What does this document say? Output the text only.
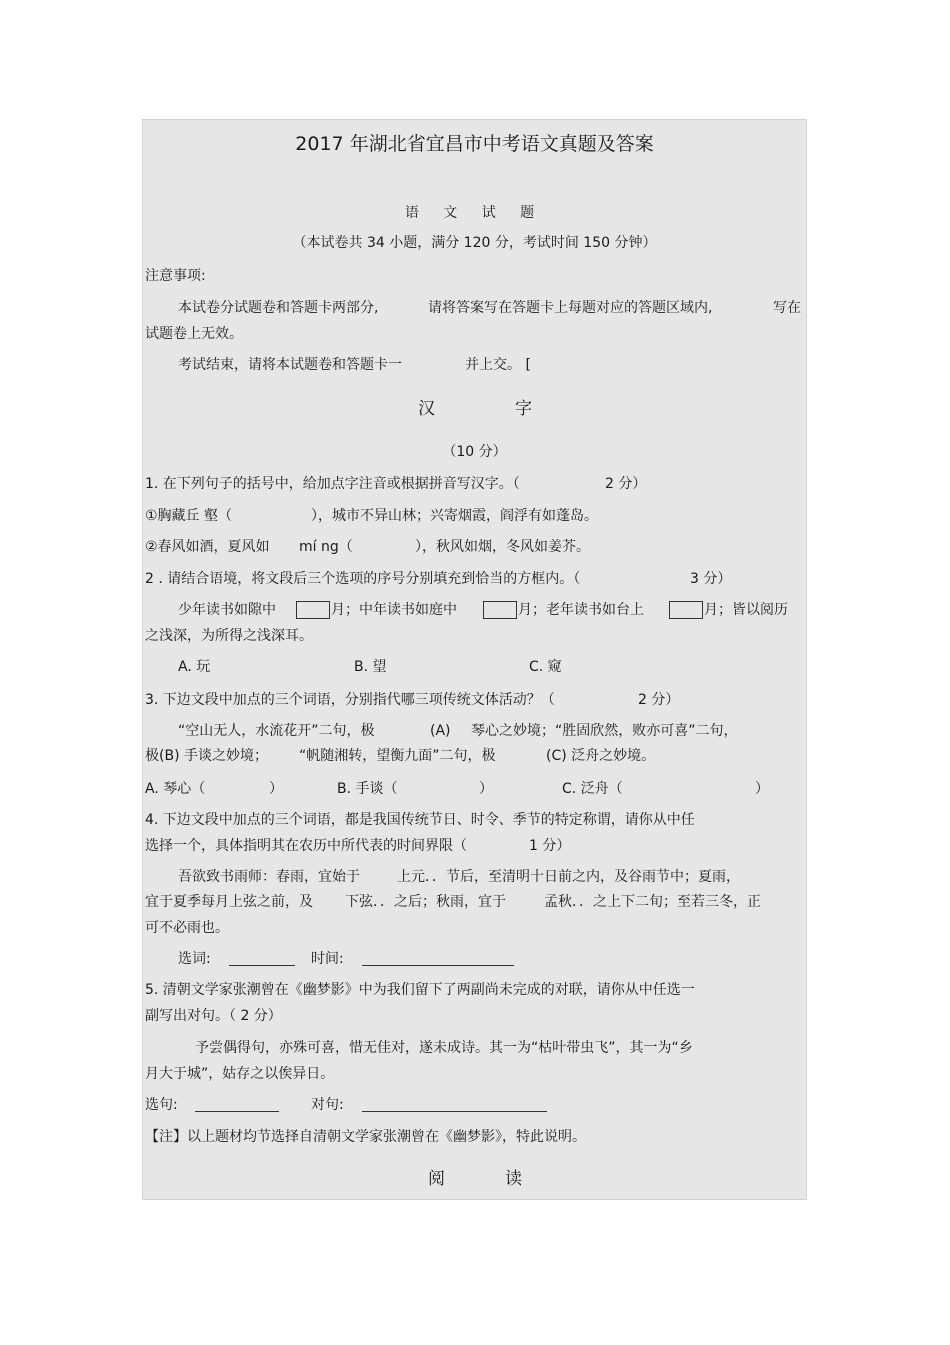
2017 年湖北省宜昌市中考语文真题及答案
语 文 试 题
（本试卷共 34 小题，满分 120 分，考试时间 150 分钟）
注意事项:
本试卷分试题卷和答题卡两部分,	请将答案写在答题卡上每题对应的答题区域内,	写在
试题卷上无效。
考试结束，请将本试题卷和答题卡一	并上交。 [
汉	字
（10 分）
1. 在下列句子的括号中，给加点字注音或根据拼音写汉字。（	2 分）
①胸藏丘 壑（	），城市不异山林；兴寄烟霞，阎浮有如蓬岛。
②春风如酒，夏风如 mí ng（	），秋风如烟，冬风如姜芥。
2 . 请结合语境，将文段后三个选项的序号分别填充到恰当的方框内。（	3 分）
少年读书如隙中	月；中年读书如庭中	月；老年读书如台上	月；皆以阅历
之浅深，为所得之浅深耳。
A. 玩	B. 望	C. 窥
3. 下边文段中加点的三个词语，分别指代哪三项传统文体活动？（	2 分）
“空山无人，水流花开”二句，极	(A) 琴心之妙境；“胜固欣然，败亦可喜”二句，
极(B) 手谈之妙境； “帆随湘转，望衡九面”二句，极	(C) 泛舟之妙境。
A. 琴心（	）	B. 手谈（	）	C. 泛舟（	）
4. 下边文段中加点的三个词语，都是我国传统节日、时令、季节的特定称谓，请你从中任
选择一个，具体指明其在农历中所代表的时间界限（	1 分）
吾欲致书雨师：春雨，宜始于	上元．．节后，至清明十日前之内，及谷雨节中；夏雨，
宜于夏季每月上弦之前，及 下弦．．之后；秋雨，宜于	孟秋．．之上下二旬；至若三冬，正
可不必雨也。
选词:	时间:
5. 清朝文学家张潮曾在《幽梦影》中为我们留下了两副尚未完成的对联，请你从中任选一
副写出对句。（ 2 分）
予尝偶得句，亦殊可喜，惜无佳对，遂未成诗。其一为“枯叶带虫飞”，其一为“乡
月大于城”，姑存之以俟异日。
选句:	对句:
【注】以上题材均节选择自清朝文学家张潮曾在《幽梦影》，特此说明。
阅	读
